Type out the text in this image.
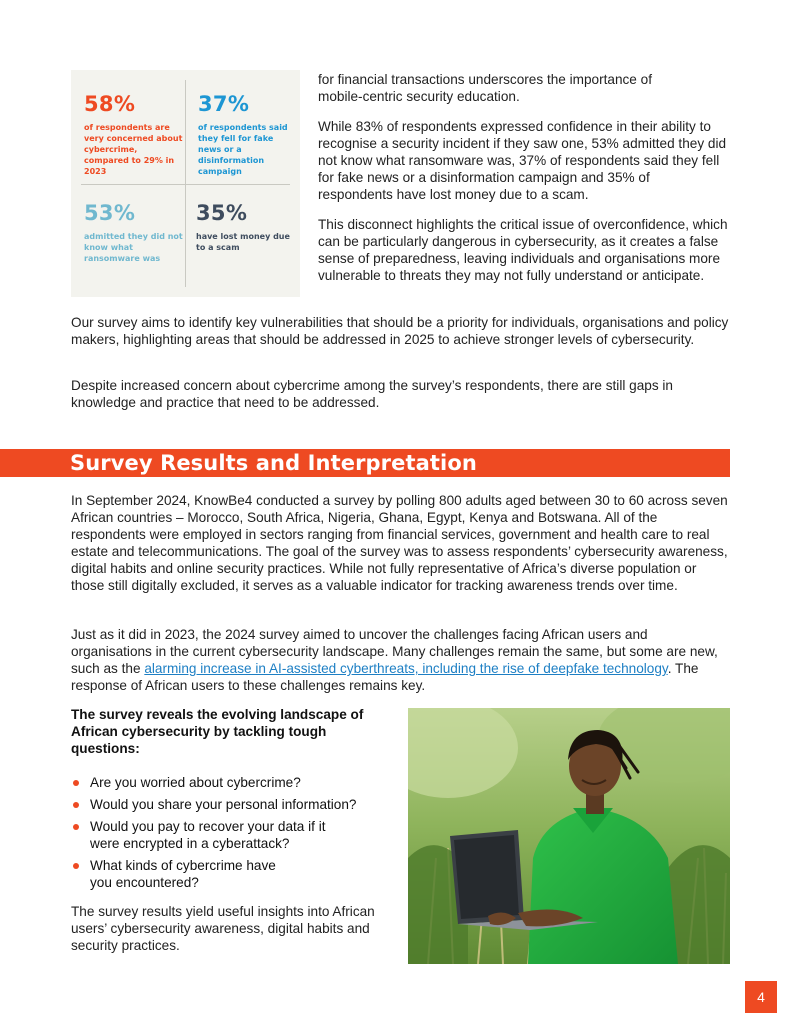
58%
of respondents are very concerned about cybercrime, compared to 29% in 2023
37%
of respondents said they fell for fake news or a disinformation campaign
53%
admitted they did not know what ransomware was
35%
have lost money due to a scam

for financial transactions underscores the importance of mobile-centric security education.

While 83% of respondents expressed confidence in their ability to recognise a security incident if they saw one, 53% admitted they did not know what ransomware was, 37% of respondents said they fell for fake news or a disinformation campaign and 35% of respondents have lost money due to a scam.

This disconnect highlights the critical issue of overconfidence, which can be particularly dangerous in cybersecurity, as it creates a false sense of preparedness, leaving individuals and organisations more vulnerable to threats they may not fully understand or anticipate.

Our survey aims to identify key vulnerabilities that should be a priority for individuals, organisations and policy makers, highlighting areas that should be addressed in 2025 to achieve stronger levels of cybersecurity.

Despite increased concern about cybercrime among the survey’s respondents, there are still gaps in knowledge and practice that need to be addressed.

Survey Results and Interpretation

In September 2024, KnowBe4 conducted a survey by polling 800 adults aged between 30 to 60 across seven African countries – Morocco, South Africa, Nigeria, Ghana, Egypt, Kenya and Botswana. All of the respondents were employed in sectors ranging from financial services, government and health care to real estate and telecommunications. The goal of the survey was to assess respondents’ cybersecurity awareness, digital habits and online security practices. While not fully representative of Africa’s diverse population or those still digitally excluded, it serves as a valuable indicator for tracking awareness trends over time.

Just as it did in 2023, the 2024 survey aimed to uncover the challenges facing African users and organisations in the current cybersecurity landscape. Many challenges remain the same, but some are new, such as the alarming increase in AI-assisted cyberthreats, including the rise of deepfake technology. The response of African users to these challenges remains key.

The survey reveals the evolving landscape of African cybersecurity by tackling tough questions:

Are you worried about cybercrime?
Would you share your personal information?
Would you pay to recover your data if it were encrypted in a cyberattack?
What kinds of cybercrime have you encountered?

The survey results yield useful insights into African users’ cybersecurity awareness, digital habits and security practices.

4
